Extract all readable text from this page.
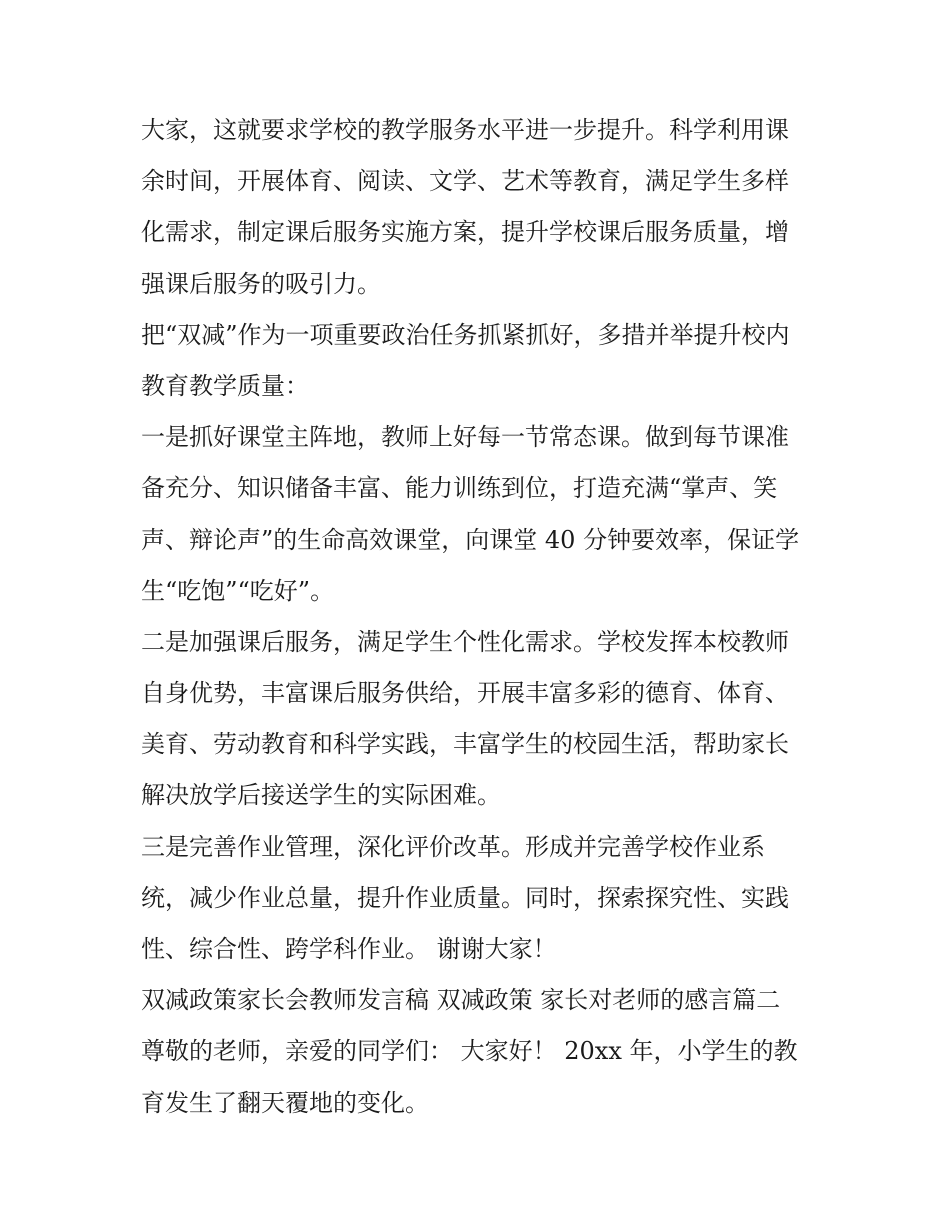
大家，这就要求学校的教学服务水平进一步提升。科学利用课
余时间，开展体育、阅读、文学、艺术等教育，满足学生多样
化需求，制定课后服务实施方案，提升学校课后服务质量，增
强课后服务的吸引力。
把“双减”作为一项重要政治任务抓紧抓好，多措并举提升校内
教育教学质量：
一是抓好课堂主阵地，教师上好每一节常态课。做到每节课准
备充分、知识储备丰富、能力训练到位，打造充满“掌声、笑
声、辩论声”的生命高效课堂，向课堂 40 分钟要效率，保证学
生“吃饱”“吃好”。
二是加强课后服务，满足学生个性化需求。学校发挥本校教师
自身优势，丰富课后服务供给，开展丰富多彩的德育、体育、
美育、劳动教育和科学实践，丰富学生的校园生活，帮助家长
解决放学后接送学生的实际困难。
三是完善作业管理，深化评价改革。形成并完善学校作业系
统，减少作业总量，提升作业质量。同时，探索探究性、实践
性、综合性、跨学科作业。 谢谢大家！
双减政策家长会教师发言稿 双减政策 家长对老师的感言篇二
尊敬的老师，亲爱的同学们： 大家好！ 20xx 年，小学生的教
育发生了翻天覆地的变化。
